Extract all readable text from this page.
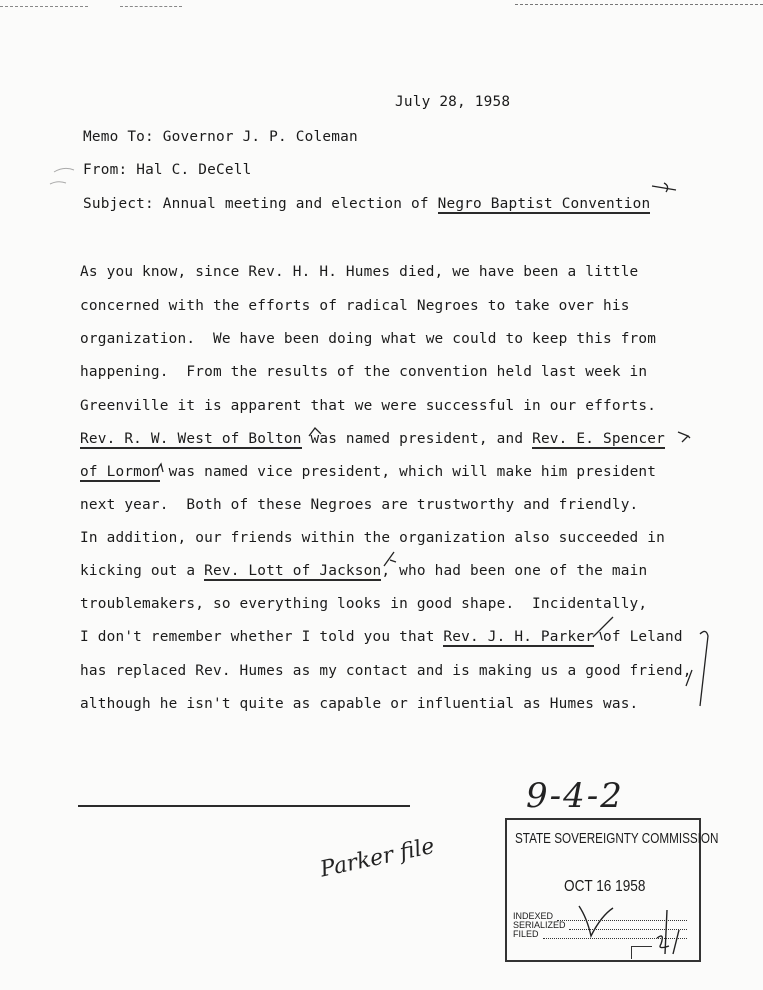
July 28, 1958
Memo To: Governor J. P. Coleman
From: Hal C. DeCell
Subject: Annual meeting and election of Negro Baptist Convention
As you know, since Rev. H. H. Humes died, we have been a little
concerned with the efforts of radical Negroes to take over his
organization.  We have been doing what we could to keep this from
happening.  From the results of the convention held last week in
Greenville it is apparent that we were successful in our efforts.
Rev. R. W. West of Bolton was named president, and Rev. E. Spencer
of Lormon was named vice president, which will make him president
next year.  Both of these Negroes are trustworthy and friendly.
In addition, our friends within the organization also succeeded in
kicking out a Rev. Lott of Jackson, who had been one of the main
troublemakers, so everything looks in good shape.  Incidentally,
I don't remember whether I told you that Rev. J. H. Parker of Leland
has replaced Rev. Humes as my contact and is making us a good friend,
although he isn't quite as capable or influential as Humes was.
9-4-2
Parker file	STATE SOVEREIGNTY COMMISSION
OCT 16 1958
INDEXED
SERIALIZED
FILED
